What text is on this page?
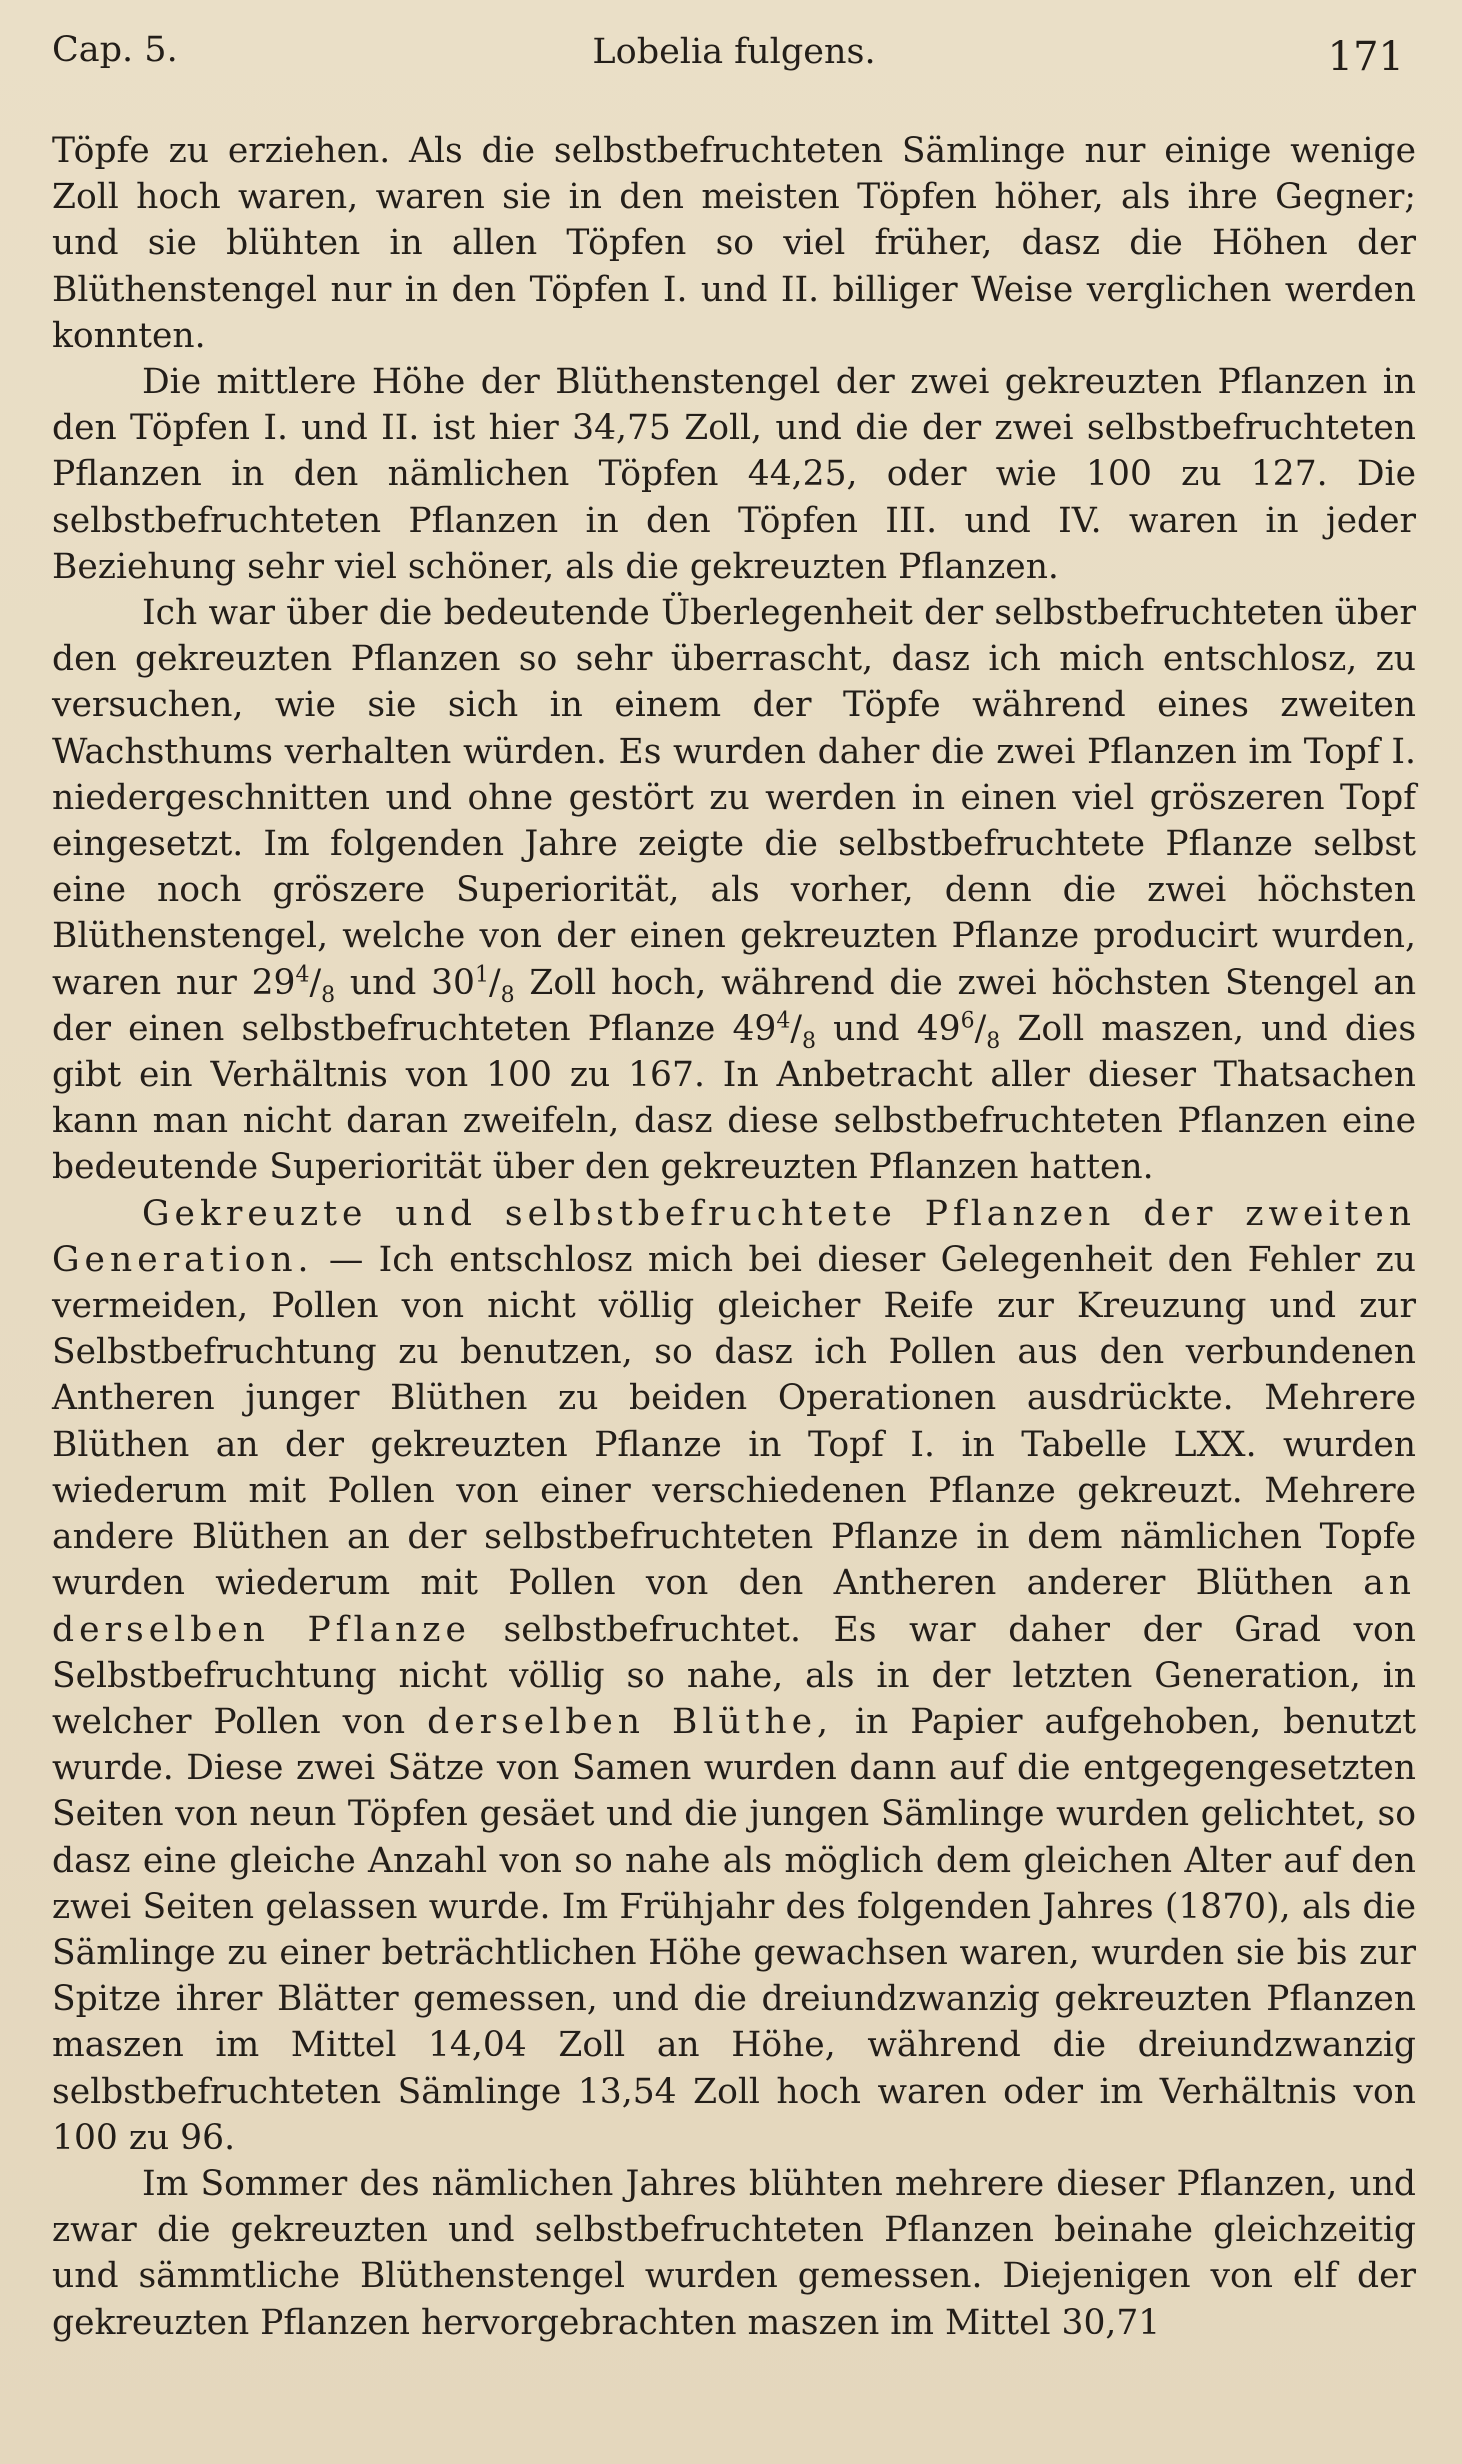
Cap. 5.	Lobelia fulgens.	171

Töpfe zu erziehen. Als die selbstbefruchteten Sämlinge nur einige wenige Zoll hoch waren, waren sie in den meisten Töpfen höher, als ihre Gegner; und sie blühten in allen Töpfen so viel früher, dasz die Höhen der Blüthenstengel nur in den Töpfen I. und II. billiger Weise verglichen werden konnten.

Die mittlere Höhe der Blüthenstengel der zwei gekreuzten Pflanzen in den Töpfen I. und II. ist hier 34,75 Zoll, und die der zwei selbstbefruchteten Pflanzen in den nämlichen Töpfen 44,25, oder wie 100 zu 127. Die selbstbefruchteten Pflanzen in den Töpfen III. und IV. waren in jeder Beziehung sehr viel schöner, als die gekreuzten Pflanzen.

Ich war über die bedeutende Überlegenheit der selbstbefruchteten über den gekreuzten Pflanzen so sehr überrascht, dasz ich mich entschlosz, zu versuchen, wie sie sich in einem der Töpfe während eines zweiten Wachsthums verhalten würden. Es wurden daher die zwei Pflanzen im Topf I. niedergeschnitten und ohne gestört zu werden in einen viel gröszeren Topf eingesetzt. Im folgenden Jahre zeigte die selbstbefruchtete Pflanze selbst eine noch gröszere Superiorität, als vorher, denn die zwei höchsten Blüthenstengel, welche von der einen gekreuzten Pflanze producirt wurden, waren nur $29^4/_8$ und $30^1/_8$ Zoll hoch, während die zwei höchsten Stengel an der einen selbstbefruchteten Pflanze $49^4/_8$ und $49^6/_8$ Zoll maszen, und dies gibt ein Verhältnis von 100 zu 167. In Anbetracht aller dieser Thatsachen kann man nicht daran zweifeln, dasz diese selbstbefruchteten Pflanzen eine bedeutende Superiorität über den gekreuzten Pflanzen hatten.

Gekreuzte und selbstbefruchtete Pflanzen der zweiten Generation. — Ich entschlosz mich bei dieser Gelegenheit den Fehler zu vermeiden, Pollen von nicht völlig gleicher Reife zur Kreuzung und zur Selbstbefruchtung zu benutzen, so dasz ich Pollen aus den verbundenen Antheren junger Blüthen zu beiden Operationen ausdrückte. Mehrere Blüthen an der gekreuzten Pflanze in Topf I. in Tabelle LXX. wurden wiederum mit Pollen von einer verschiedenen Pflanze gekreuzt. Mehrere andere Blüthen an der selbstbefruchteten Pflanze in dem nämlichen Topfe wurden wiederum mit Pollen von den Antheren anderer Blüthen an derselben Pflanze selbstbefruchtet. Es war daher der Grad von Selbstbefruchtung nicht völlig so nahe, als in der letzten Generation, in welcher Pollen von derselben Blüthe, in Papier aufgehoben, benutzt wurde. Diese zwei Sätze von Samen wurden dann auf die entgegengesetzten Seiten von neun Töpfen gesäet und die jungen Sämlinge wurden gelichtet, so dasz eine gleiche Anzahl von so nahe als möglich dem gleichen Alter auf den zwei Seiten gelassen wurde. Im Frühjahr des folgenden Jahres (1870), als die Sämlinge zu einer beträchtlichen Höhe gewachsen waren, wurden sie bis zur Spitze ihrer Blätter gemessen, und die dreiundzwanzig gekreuzten Pflanzen maszen im Mittel 14,04 Zoll an Höhe, während die dreiundzwanzig selbstbefruchteten Sämlinge 13,54 Zoll hoch waren oder im Verhältnis von 100 zu 96.

Im Sommer des nämlichen Jahres blühten mehrere dieser Pflanzen, und zwar die gekreuzten und selbstbefruchteten Pflanzen beinahe gleichzeitig und sämmtliche Blüthenstengel wurden gemessen. Diejenigen von elf der gekreuzten Pflanzen hervorgebrachten maszen im Mittel 30,71
